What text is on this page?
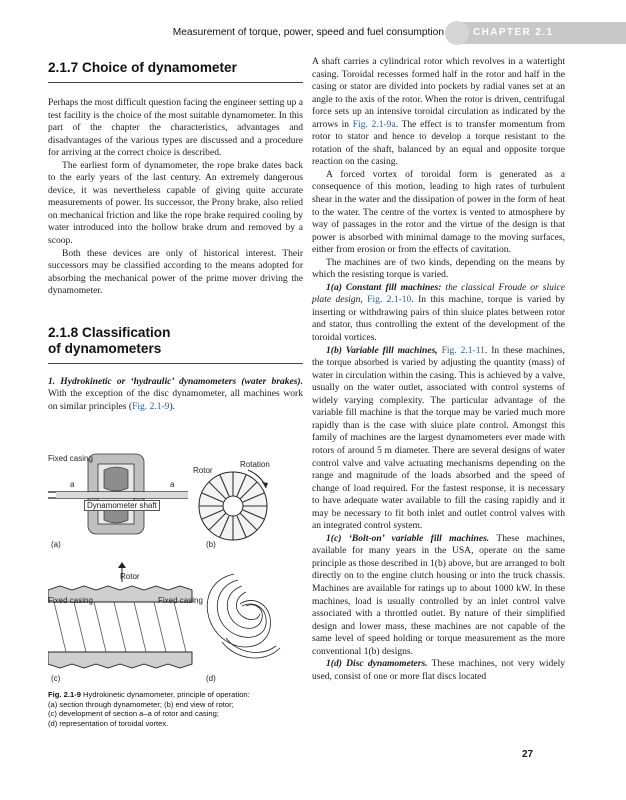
Measurement of torque, power, speed and fuel consumption	CHAPTER 2.1
2.1.7 Choice of dynamometer

Perhaps the most difficult question facing the engineer setting up a test facility is the choice of the most suitable dynamometer. In this part of the chapter the characteristics, advantages and disadvantages of the various types are discussed and a procedure for arriving at the correct choice is described.

The earliest form of dynamometer, the rope brake dates back to the early years of the last century. An extremely dangerous device, it was nevertheless capable of giving quite accurate measurements of power. Its successor, the Prony brake, also relied on mechanical friction and like the rope brake required cooling by water introduced into the hollow brake drum and removed by a scoop.

Both these devices are only of historical interest. Their successors may be classified according to the means adopted for absorbing the mechanical power of the prime mover driving the dynamometer.

2.1.8 Classification
of dynamometers

1. Hydrokinetic or ‘hydraulic’ dynamometers (water brakes). With the exception of the disc dynamometer, all machines work on similar principles (Fig. 2.1-9).

Fixed casing
Rotor
a	a
Dynamometer shaft
Rotation
(a)	(b)
Rotor
Fixed casing	Fixed casing
(c)	(d)
Fig. 2.1-9 Hydrokinetic dynamometer, principle of operation:
(a) section through dynamometer; (b) end view of rotor;
(c) development of section a–a of rotor and casing;
(d) representation of toroidal vortex.

A shaft carries a cylindrical rotor which revolves in a watertight casing. Toroidal recesses formed half in the rotor and half in the casing or stator are divided into pockets by radial vanes set at an angle to the axis of the rotor. When the rotor is driven, centrifugal force sets up an intensive toroidal circulation as indicated by the arrows in Fig. 2.1-9a. The effect is to transfer momentum from rotor to stator and hence to develop a torque resistant to the rotation of the shaft, balanced by an equal and opposite torque reaction on the casing.

A forced vortex of toroidal form is generated as a consequence of this motion, leading to high rates of turbulent shear in the water and the dissipation of power in the form of heat to the water. The centre of the vortex is vented to atmosphere by way of passages in the rotor and the virtue of the design is that power is absorbed with minimal damage to the moving surfaces, either from erosion or from the effects of cavitation.

The machines are of two kinds, depending on the means by which the resisting torque is varied.

1(a) Constant fill machines: the classical Froude or sluice plate design, Fig. 2.1-10. In this machine, torque is varied by inserting or withdrawing pairs of thin sluice plates between rotor and stator, thus controlling the extent of the development of the toroidal vortices.

1(b) Variable fill machines, Fig. 2.1-11. In these machines, the torque absorbed is varied by adjusting the quantity (mass) of water in circulation within the casing. This is achieved by a valve, usually on the water outlet, associated with control systems of widely varying complexity. The particular advantage of the variable fill machine is that the torque may be varied much more rapidly than is the case with sluice plate control. Amongst this family of machines are the largest dynamometers ever made with rotors of around 5 m diameter. There are several designs of water control valve and valve actuating mechanisms depending on the range and magnitude of the loads absorbed and the speed of change of load required. For the fastest response, it is necessary to have adequate water available to fill the casing rapidly and it may be necessary to fit both inlet and outlet control valves with an integrated control system.

1(c) ‘Bolt-on’ variable fill machines. These machines, available for many years in the USA, operate on the same principle as those described in 1(b) above, but are arranged to bolt directly on to the engine clutch housing or into the truck chassis. Machines are available for ratings up to about 1000 kW. In these machines, load is usually controlled by an inlet control valve associated with a throttled outlet. By nature of their simplified design and lower mass, these machines are not capable of the same level of speed holding or torque measurement as the more conventional 1(b) designs.

1(d) Disc dynamometers. These machines, not very widely used, consist of one or more flat discs located

27
